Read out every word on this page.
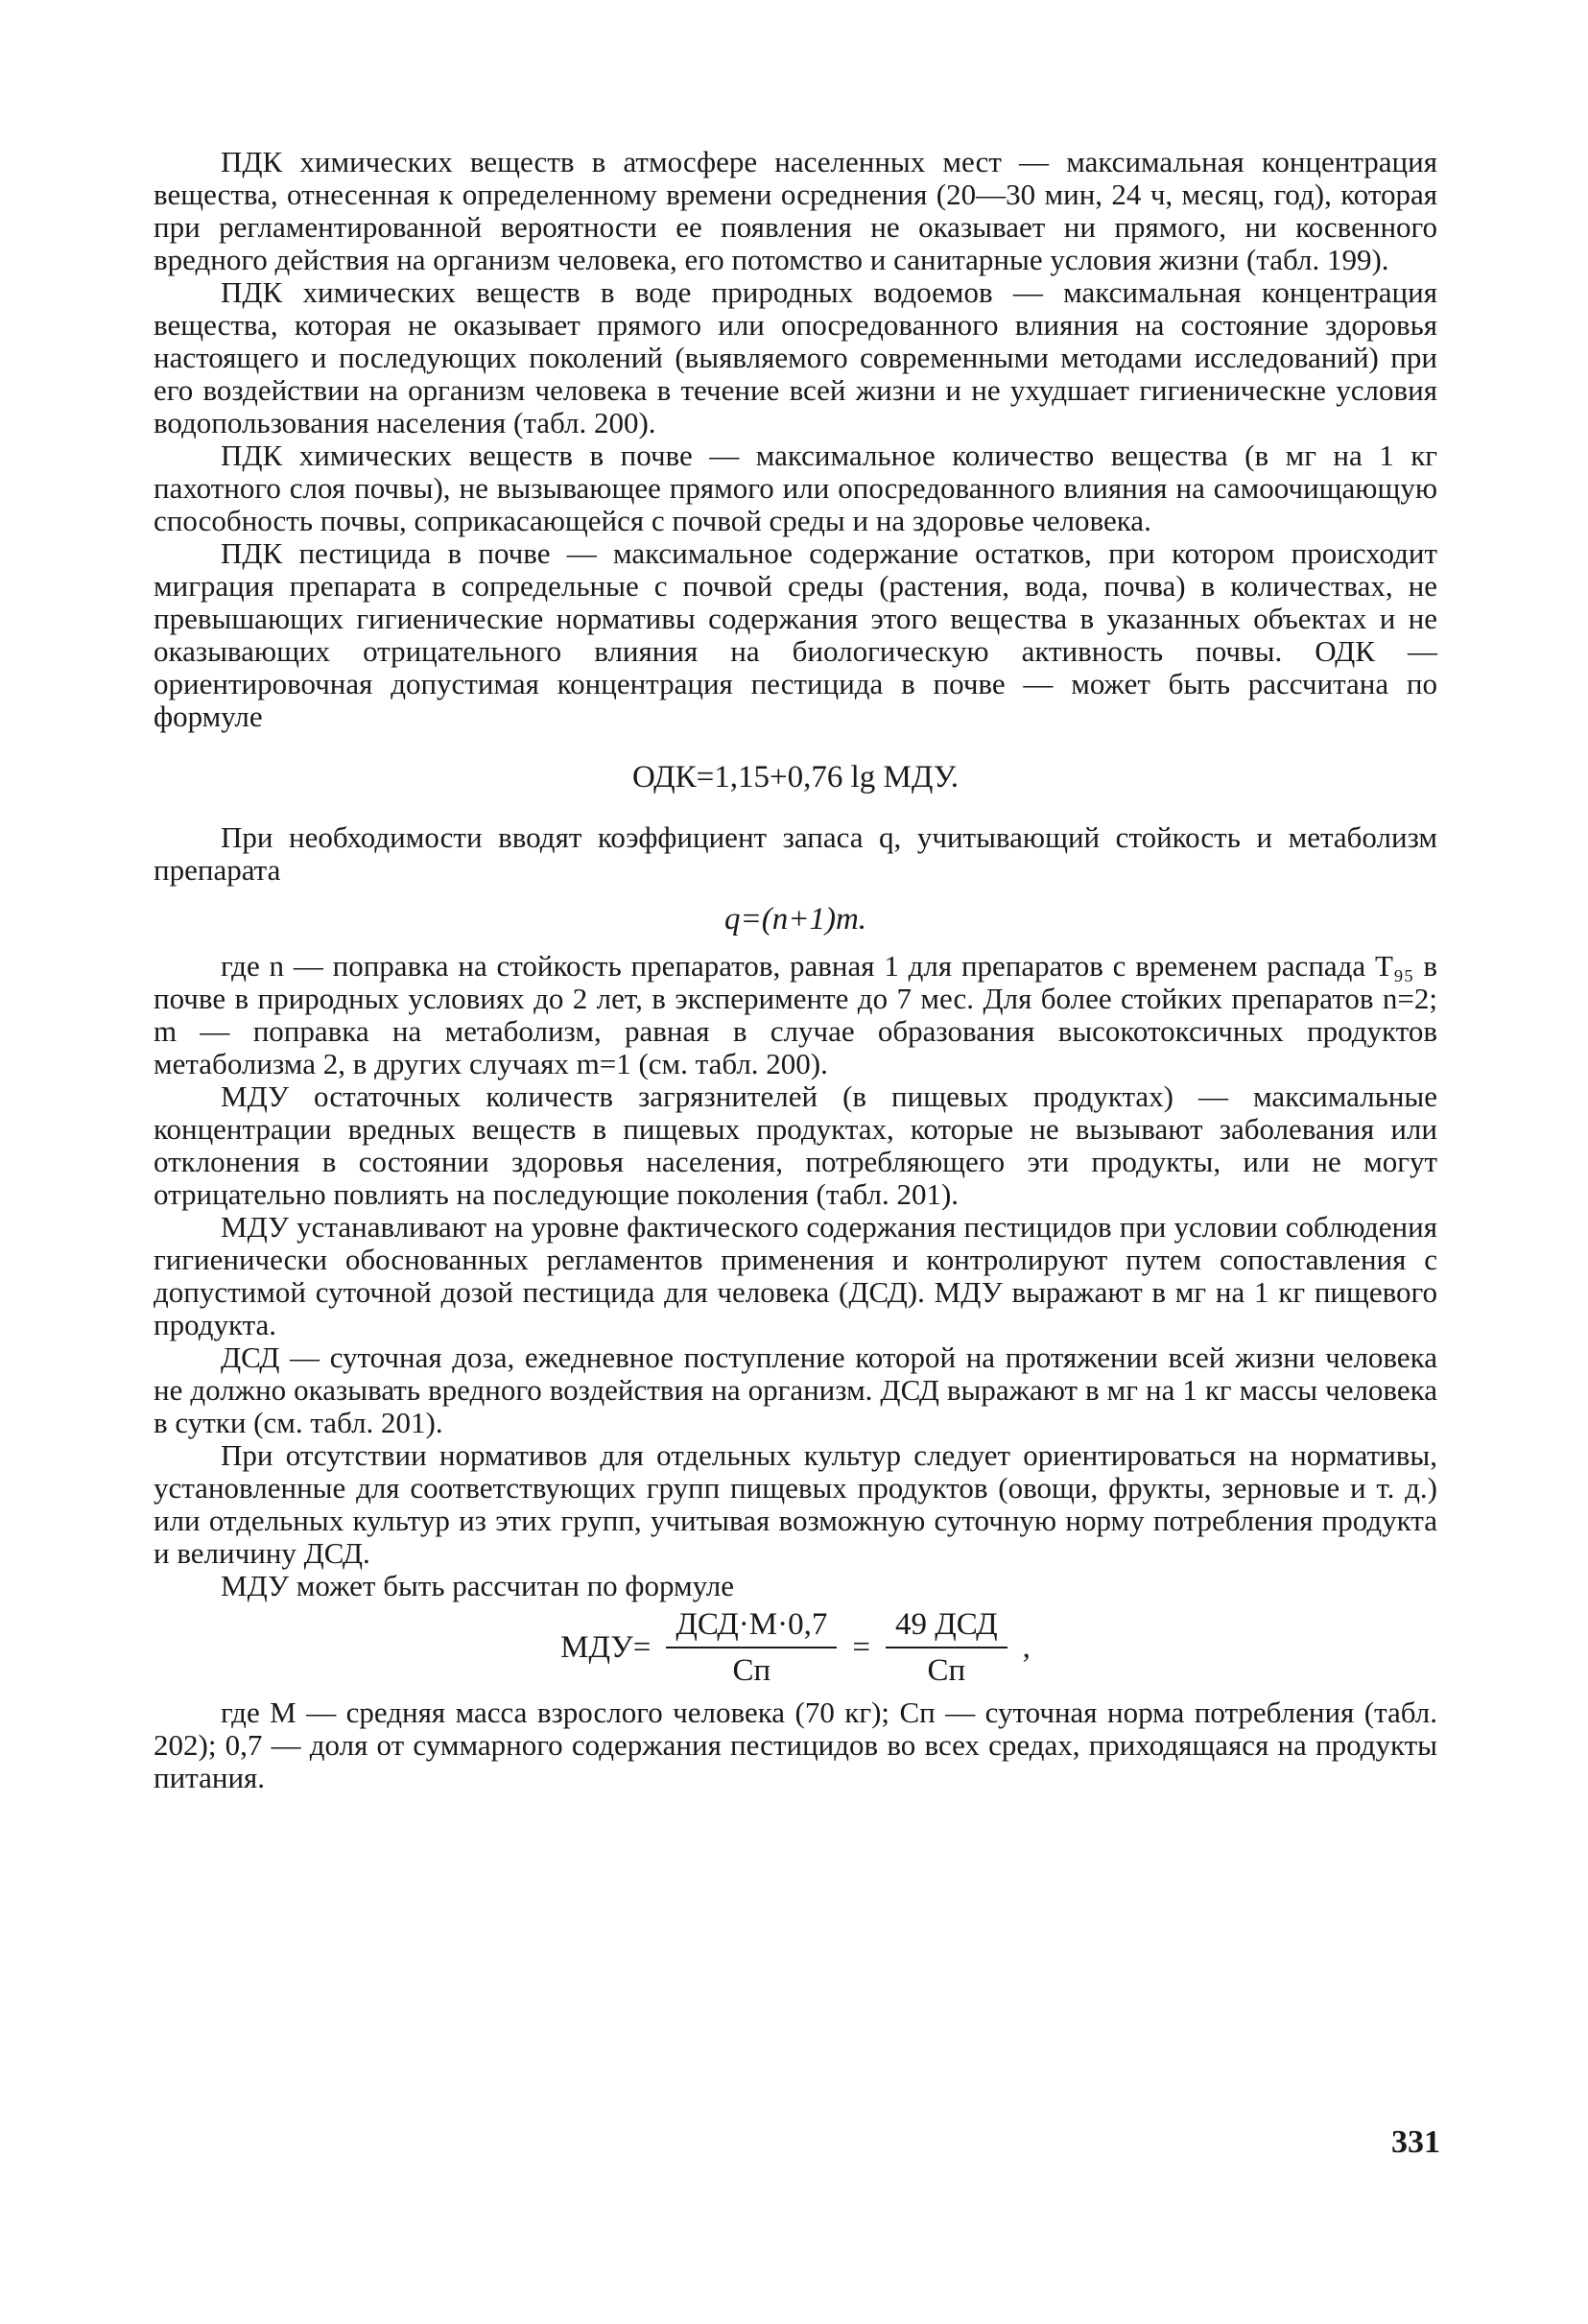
ПДК химических веществ в атмосфере населенных мест — максимальная концентрация вещества, отнесенная к определенному времени осреднения (20—30 мин, 24 ч, месяц, год), которая при регламентированной вероятности ее появления не оказывает ни прямого, ни косвенного вредного действия на организм человека, его потомство и санитарные условия жизни (табл. 199).

ПДК химических веществ в воде природных водоемов — максимальная концентрация вещества, которая не оказывает прямого или опосредованного влияния на состояние здоровья настоящего и последующих поколений (выявляемого современными методами исследований) при его воздействии на организм человека в течение всей жизни и не ухудшает гигиеническне условия водопользования населения (табл. 200).

ПДК химических веществ в почве — максимальное количество вещества (в мг на 1 кг пахотного слоя почвы), не вызывающее прямого или опосредованного влияния на самоочищающую способность почвы, соприкасающейся с почвой среды и на здоровье человека.

ПДК пестицида в почве — максимальное содержание остатков, при котором происходит миграция препарата в сопредельные с почвой среды (растения, вода, почва) в количествах, не превышающих гигиенические нормативы содержания этого вещества в указанных объектах и не оказывающих отрицательного влияния на биологическую активность почвы. ОДК — ориентировочная допустимая концентрация пестицида в почве — может быть рассчитана по формуле

ОДК=1,15+0,76 lg МДУ.

При необходимости вводят коэффициент запаса q, учитывающий стойкость и метаболизм препарата

q=(n+1)m.

где n — поправка на стойкость препаратов, равная 1 для препаратов с временем распада T₉₅ в почве в природных условиях до 2 лет, в эксперименте до 7 мес. Для более стойких препаратов n=2; m — поправка на метаболизм, равная в случае образования высокотоксичных продуктов метаболизма 2, в других случаях m=1 (см. табл. 200).

МДУ остаточных количеств загрязнителей (в пищевых продуктах) — максимальные концентрации вредных веществ в пищевых продуктах, которые не вызывают заболевания или отклонения в состоянии здоровья населения, потребляющего эти продукты, или не могут отрицательно повлиять на последующие поколения (табл. 201).

МДУ устанавливают на уровне фактического содержания пестицидов при условии соблюдения гигиенически обоснованных регламентов применения и контролируют путем сопоставления с допустимой суточной дозой пестицида для человека (ДСД). МДУ выражают в мг на 1 кг пищевого продукта.

ДСД — суточная доза, ежедневное поступление которой на протяжении всей жизни человека не должно оказывать вредного воздействия на организм. ДСД выражают в мг на 1 кг массы человека в сутки (см. табл. 201).

При отсутствии нормативов для отдельных культур следует ориентироваться на нормативы, установленные для соответствующих групп пищевых продуктов (овощи, фрукты, зерновые и т. д.) или отдельных культур из этих групп, учитывая возможную суточную норму потребления продукта и величину ДСД.

МДУ может быть рассчитан по формуле

$МДУ= \frac{\text{ДСД·М·0,7}}{Сп} = \frac{\text{49 ДСД}}{Сп}$ ,

где М — средняя масса взрослого человека (70 кг); Сп — суточная норма потребления (табл. 202); 0,7 — доля от суммарного содержания пестицидов во всех средах, приходящаяся на продукты питания.

331
